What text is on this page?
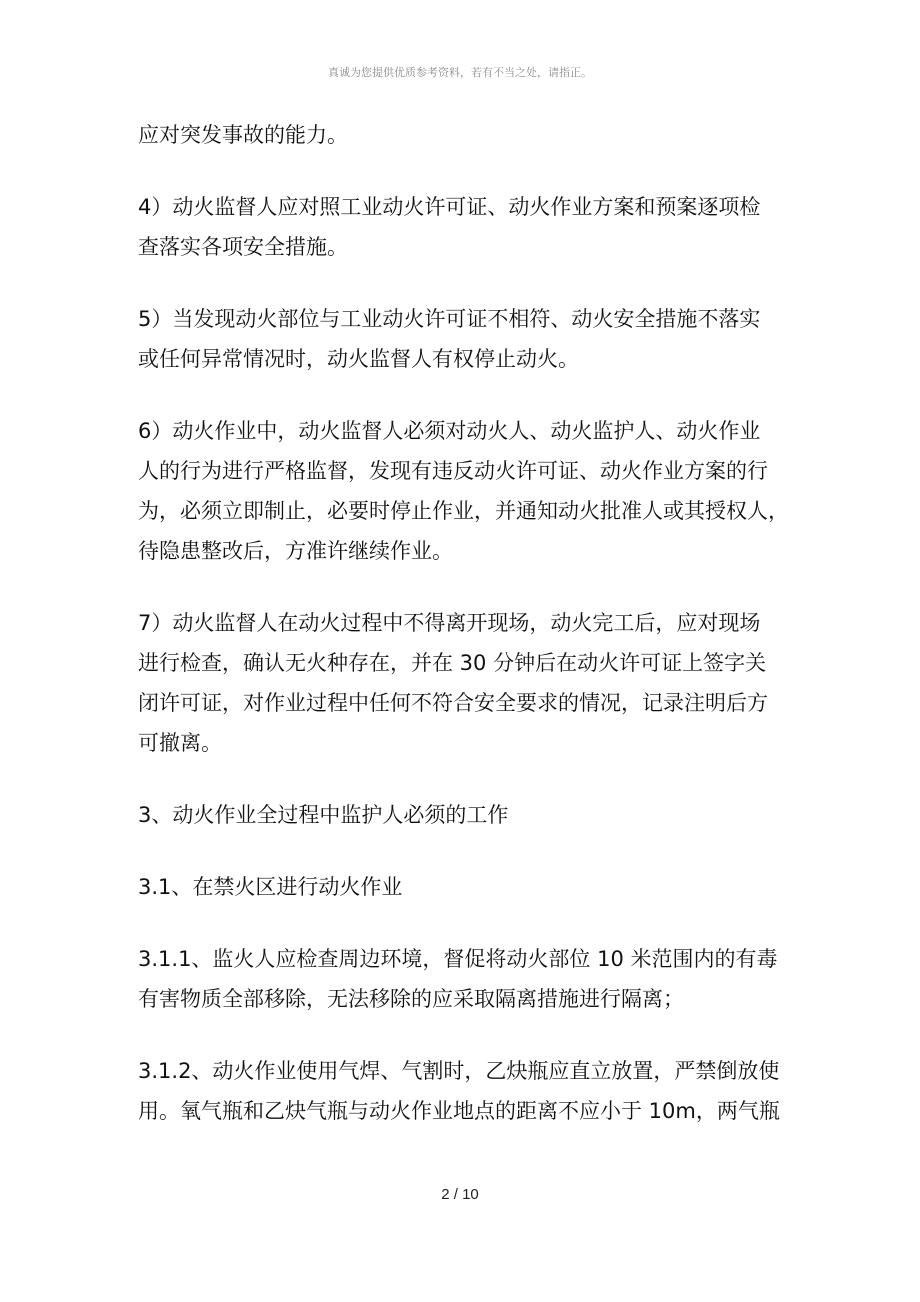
真诚为您提供优质参考资料，若有不当之处，请指正。
应对突发事故的能力。
4）动火监督人应对照工业动火许可证、动火作业方案和预案逐项检
查落实各项安全措施。
5）当发现动火部位与工业动火许可证不相符、动火安全措施不落实
或任何异常情况时，动火监督人有权停止动火。
6）动火作业中，动火监督人必须对动火人、动火监护人、动火作业
人的行为进行严格监督，发现有违反动火许可证、动火作业方案的行
为，必须立即制止，必要时停止作业，并通知动火批准人或其授权人，
待隐患整改后，方准许继续作业。
7）动火监督人在动火过程中不得离开现场，动火完工后，应对现场
进行检查，确认无火种存在，并在 30 分钟后在动火许可证上签字关
闭许可证，对作业过程中任何不符合安全要求的情况，记录注明后方
可撤离。
3、动火作业全过程中监护人必须的工作
3.1、在禁火区进行动火作业
3.1.1、监火人应检查周边环境，督促将动火部位 10 米范围内的有毒
有害物质全部移除，无法移除的应采取隔离措施进行隔离；
3.1.2、动火作业使用气焊、气割时，乙炔瓶应直立放置，严禁倒放使
用。氧气瓶和乙炔气瓶与动火作业地点的距离不应小于 10m，两气瓶
2 / 10
